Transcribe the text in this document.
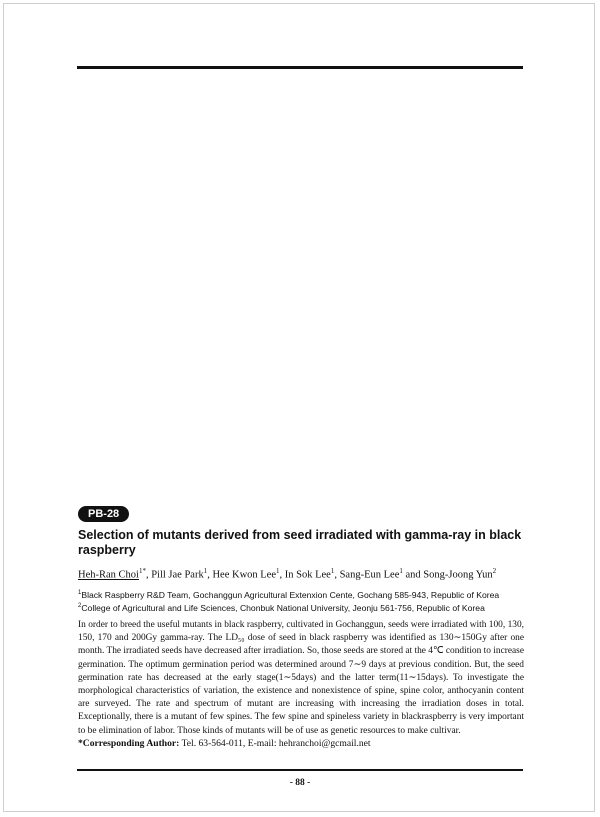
PB-28
Selection of mutants derived from seed irradiated with gamma-ray in black raspberry
Heh-Ran Choi$^{1*}$, Pill Jae Park$^1$, Hee Kwon Lee$^1$, In Sok Lee$^1$, Sang-Eun Lee$^1$ and Song-Joong Yun$^2$
$^1$Black Raspberry R&D Team, Gochanggun Agricultural Extenxion Cente, Gochang 585-943, Republic of Korea
$^2$College of Agricultural and Life Sciences, Chonbuk National University, Jeonju 561-756, Republic of Korea

In order to breed the useful mutants in black raspberry, cultivated in Gochanggun, seeds were irradiated with 100, 130, 150, 170 and 200Gy gamma-ray. The LD₅₀ dose of seed in black raspberry was identified as 130∼150Gy after one month. The irradiated seeds have decreased after irradiation. So, those seeds are stored at the 4℃ condition to increase germination. The optimum germination period was determined around 7∼9 days at previous condition. But, the seed germination rate has decreased at the early stage(1∼5days) and the latter term(11∼15days). To investigate the morphological characteristics of variation, the existence and nonexistence of spine, spine color, anthocyanin content are surveyed. The rate and spectrum of mutant are increasing with increasing the irradiation doses in total. Exceptionally, there is a mutant of few spines. The few spine and spineless variety in blackraspberry is very important to be elimination of labor. Those kinds of mutants will be of use as genetic resources to make cultivar.

*Corresponding Author: Tel. 63-564-011, E-mail: hehranchoi@gcmail.net
- 88 -
